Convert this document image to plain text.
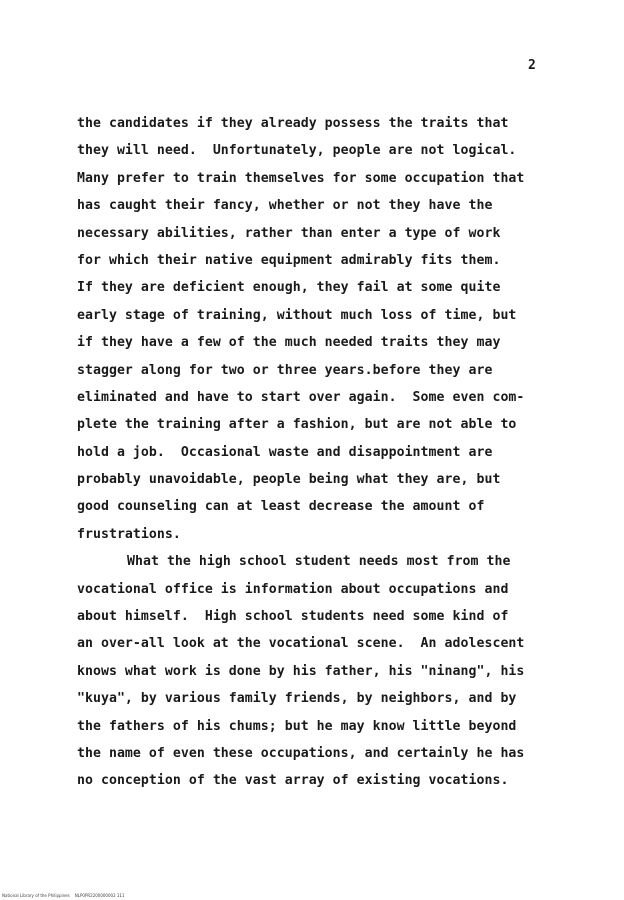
2
the candidates if they already possess the traits that
they will need.  Unfortunately, people are not logical.
Many prefer to train themselves for some occupation that
has caught their fancy, whether or not they have the
necessary abilities, rather than enter a type of work
for which their native equipment admirably fits them.
If they are deficient enough, they fail at some quite
early stage of training, without much loss of time, but
if they have a few of the much needed traits they may
stagger along for two or three years.before they are
eliminated and have to start over again.  Some even com-
plete the training after a fashion, but are not able to
hold a job.  Occasional waste and disappointment are
probably unavoidable, people being what they are, but
good counseling can at least decrease the amount of
frustrations.
What the high school student needs most from the
vocational office is information about occupations and
about himself.  High school students need some kind of
an over-all look at the vocational scene.  An adolescent
knows what work is done by his father, his "ninang", his
"kuya", by various family friends, by neighbors, and by
the fathers of his chums; but he may know little beyond
the name of even these occupations, and certainly he has
no conception of the vast array of existing vocations.
National Library of the Philippines    NLP0PR2200000002 111
